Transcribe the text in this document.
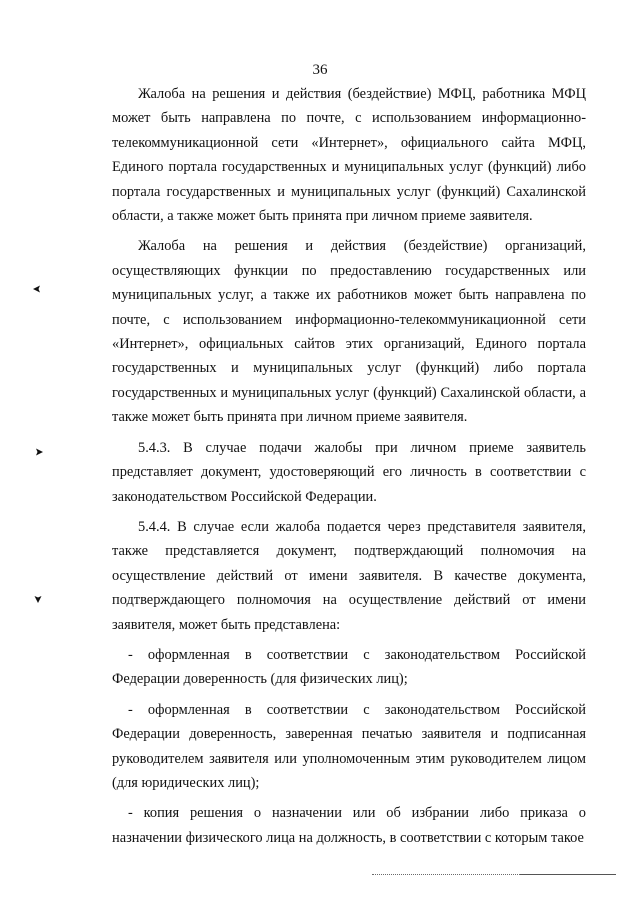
36

Жалоба на решения и действия (бездействие) МФЦ, работника МФЦ может быть направлена по почте, с использованием информационно-телекоммуникационной сети «Интернет», официального сайта МФЦ, Единого портала государственных и муниципальных услуг (функций) либо портала государственных и муниципальных услуг (функций) Сахалинской области, а также может быть принята при личном приеме заявителя.

Жалоба на решения и действия (бездействие) организаций, осуществляющих функции по предоставлению государственных или муниципальных услуг, а также их работников может быть направлена по почте, с использованием информационно-телекоммуникационной сети «Интернет», официальных сайтов этих организаций, Единого портала государственных и муниципальных услуг (функций) либо портала государственных и муниципальных услуг (функций) Сахалинской области, а также может быть принята при личном приеме заявителя.

5.4.3. В случае подачи жалобы при личном приеме заявитель представляет документ, удостоверяющий его личность в соответствии с законодательством Российской Федерации.

5.4.4. В случае если жалоба подается через представителя заявителя, также представляется документ, подтверждающий полномочия на осуществление действий от имени заявителя. В качестве документа, подтверждающего полномочия на осуществление действий от имени заявителя, может быть представлена:

- оформленная в соответствии с законодательством Российской Федерации доверенность (для физических лиц);

- оформленная в соответствии с законодательством Российской Федерации доверенность, заверенная печатью заявителя и подписанная руководителем заявителя или уполномоченным этим руководителем лицом (для юридических лиц);

- копия решения о назначении или об избрании либо приказа о назначении физического лица на должность, в соответствии с которым такое
